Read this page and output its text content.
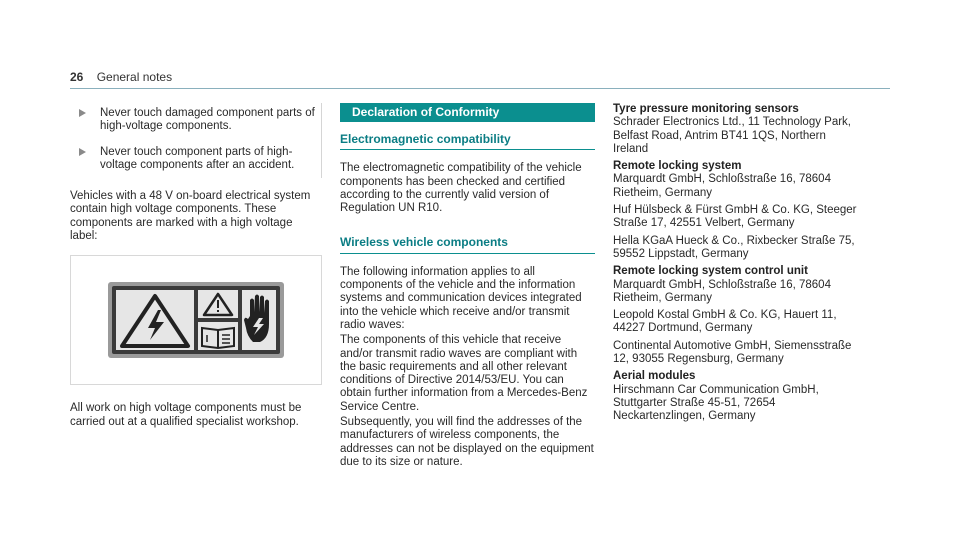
26 General notes

Never touch damaged component parts of high-voltage components.

Never touch component parts of high-voltage components after an accident.

Vehicles with a 48 V on-board electrical system contain high voltage components. These components are marked with a high voltage label:

All work on high voltage components must be carried out at a qualified specialist workshop.

Declaration of Conformity
Electromagnetic compatibility

The electromagnetic compatibility of the vehicle components has been checked and certified according to the currently valid version of Regulation UN R10.

Wireless vehicle components

The following information applies to all components of the vehicle and the information systems and communication devices integrated into the vehicle which receive and/or transmit radio waves:

The components of this vehicle that receive and/or transmit radio waves are compliant with the basic requirements and all other relevant conditions of Directive 2014/53/EU. You can obtain further information from a Mercedes-Benz Service Centre.

Subsequently, you will find the addresses of the manufacturers of wireless components, the addresses can not be displayed on the equipment due to its size or nature.

Tyre pressure monitoring sensors

Schrader Electronics Ltd., 11 Technology Park, Belfast Road, Antrim BT41 1QS, Northern Ireland

Remote locking system

Marquardt GmbH, Schloßstraße 16, 78604 Rietheim, Germany

Huf Hülsbeck & Fürst GmbH & Co. KG, Steeger Straße 17, 42551 Velbert, Germany

Hella KGaA Hueck & Co., Rixbecker Straße 75, 59552 Lippstadt, Germany

Remote locking system control unit

Marquardt GmbH, Schloßstraße 16, 78604 Rietheim, Germany

Leopold Kostal GmbH & Co. KG, Hauert 11, 44227 Dortmund, Germany

Continental Automotive GmbH, Siemensstraße 12, 93055 Regensburg, Germany

Aerial modules

Hirschmann Car Communication GmbH, Stuttgarter Straße 45-51, 72654 Neckartenzlingen, Germany
